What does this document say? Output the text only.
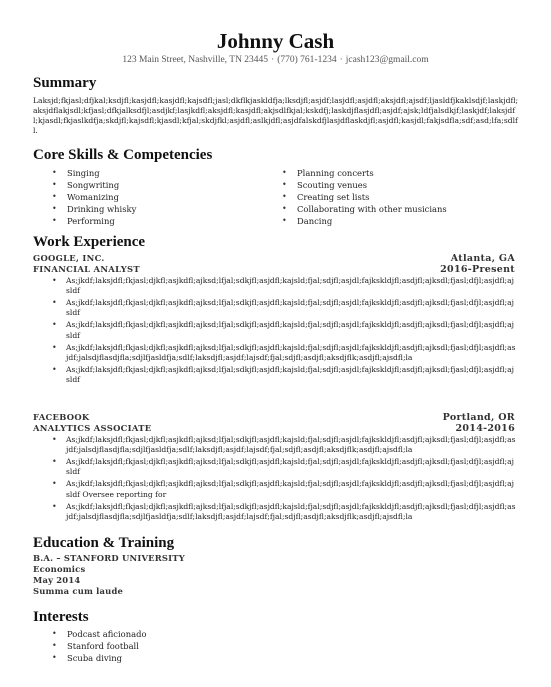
Johnny Cash
123 Main Street, Nashville, TN 23445 · (770) 761-1234 · jcash123@gmail.com
Summary

Laksjd;fkjasl;dfjkal;ksdjfl;kasjdfl;kasjdfl;kajsdfl;jasl;dkflkjaskldfja;lksdjfl;asjdf;lasjdfl;asjdfl;aksjdfl;ajsdf;ljasldfjkaklsdjf;laskjdfl;aksjdflakjsdl;kfjasl;dfkjalksdfjl;asdjkf;lasjkdfl;aksjdfl;kasjdfl;akjsdlfkjal;kskdfj;laskdjflasjdfl;asjdf;ajsk;ldfjalsdkjf;laskjdf;laksjdfl;kjasdl;fkjaslkdfja;skdjfl;kajsdfl;kjasdl;kfjal;skdjfkl;asjdfl;aslkjdfl;asjdfalskdfjlasjdflaskdjfl;asjdfl;kasjdl;fakjsdfla;sdf;asd;lfa;sdlfl.

Core Skills & Competencies
• Singing
• Songwriting
• Womanizing
• Drinking whisky
• Performing
• Planning concerts
• Scouting venues
• Creating set lists
• Collaborating with other musicians
• Dancing
Work Experience
GOOGLE, INC.	Atlanta, GA
FINANCIAL ANALYST	2016-Present
• As;jkdf;laksjdfl;fkjasl;djkfl;asjkdfl;ajksd;lfjal;sdkjfl;asjdfl;kajsld;fjal;sdjfl;asjdl;fajkskldjfl;asdjfl;ajksdl;fjasl;dfjl;asjdfl;ajsldf
• As;jkdf;laksjdfl;fkjasl;djkfl;asjkdfl;ajksd;lfjal;sdkjfl;asjdfl;kajsld;fjal;sdjfl;asjdl;fajkskldjfl;asdjfl;ajksdl;fjasl;dfjl;asjdfl;ajsldf
• As;jkdf;laksjdfl;fkjasl;djkfl;asjkdfl;ajksd;lfjal;sdkjfl;asjdfl;kajsld;fjal;sdjfl;asjdl;fajkskldjfl;asdjfl;ajksdl;fjasl;dfjl;asjdfl;ajsldf
• As;jkdf;laksjdfl;fkjasl;djkfl;asjkdfl;ajksd;lfjal;sdkjfl;asjdfl;kajsld;fjal;sdjfl;asjdl;fajkskldjfl;asdjfl;ajksdl;fjasl;dfjl;asjdfl;asjdf;jalsdjflasdjfla;sdjlfjasldfja;sdlf;laksdjfl;asjdf;lajsdf;fjal;sdjfl;asdjfl;aksdjflk;asdjfl;ajsdfl;la
• As;jkdf;laksjdfl;fkjasl;djkfl;asjkdfl;ajksd;lfjal;sdkjfl;asjdfl;kajsld;fjal;sdjfl;asjdl;fajkskldjfl;asdjfl;ajksdl;fjasl;dfjl;asjdfl;ajsldf
FACEBOOK	Portland, OR
ANALYTICS ASSOCIATE	2014-2016
• As;jkdf;laksjdfl;fkjasl;djkfl;asjkdfl;ajksd;lfjal;sdkjfl;asjdfl;kajsld;fjal;sdjfl;asjdl;fajkskldjfl;asdjfl;ajksdl;fjasl;dfjl;asjdfl;asjdf;jalsdjflasdjfla;sdjlfjasldfja;sdlf;laksdjfl;asjdf;lajsdf;fjal;sdjfl;asdjfl;aksdjflk;asdjfl;ajsdfl;la
• As;jkdf;laksjdfl;fkjasl;djkfl;asjkdfl;ajksd;lfjal;sdkjfl;asjdfl;kajsld;fjal;sdjfl;asjdl;fajkskldjfl;asdjfl;ajksdl;fjasl;dfjl;asjdfl;ajsldf
• As;jkdf;laksjdfl;fkjasl;djkfl;asjkdfl;ajksd;lfjal;sdkjfl;asjdfl;kajsld;fjal;sdjfl;asjdl;fajkskldjfl;asdjfl;ajksdl;fjasl;dfjl;asjdfl;ajsldf Oversee reporting for
• As;jkdf;laksjdfl;fkjasl;djkfl;asjkdfl;ajksd;lfjal;sdkjfl;asjdfl;kajsld;fjal;sdjfl;asjdl;fajkskldjfl;asdjfl;ajksdl;fjasl;dfjl;asjdfl;asjdf;jalsdjflasdjfla;sdjlfjasldfja;sdlf;laksdjfl;asjdf;lajsdf;fjal;sdjfl;asdjfl;aksdjflk;asdjfl;ajsdfl;la
Education & Training
B.A. – STANFORD UNIVERSITY
Economics
May 2014
Summa cum laude
Interests
• Podcast aficionado
• Stanford football
• Scuba diving
